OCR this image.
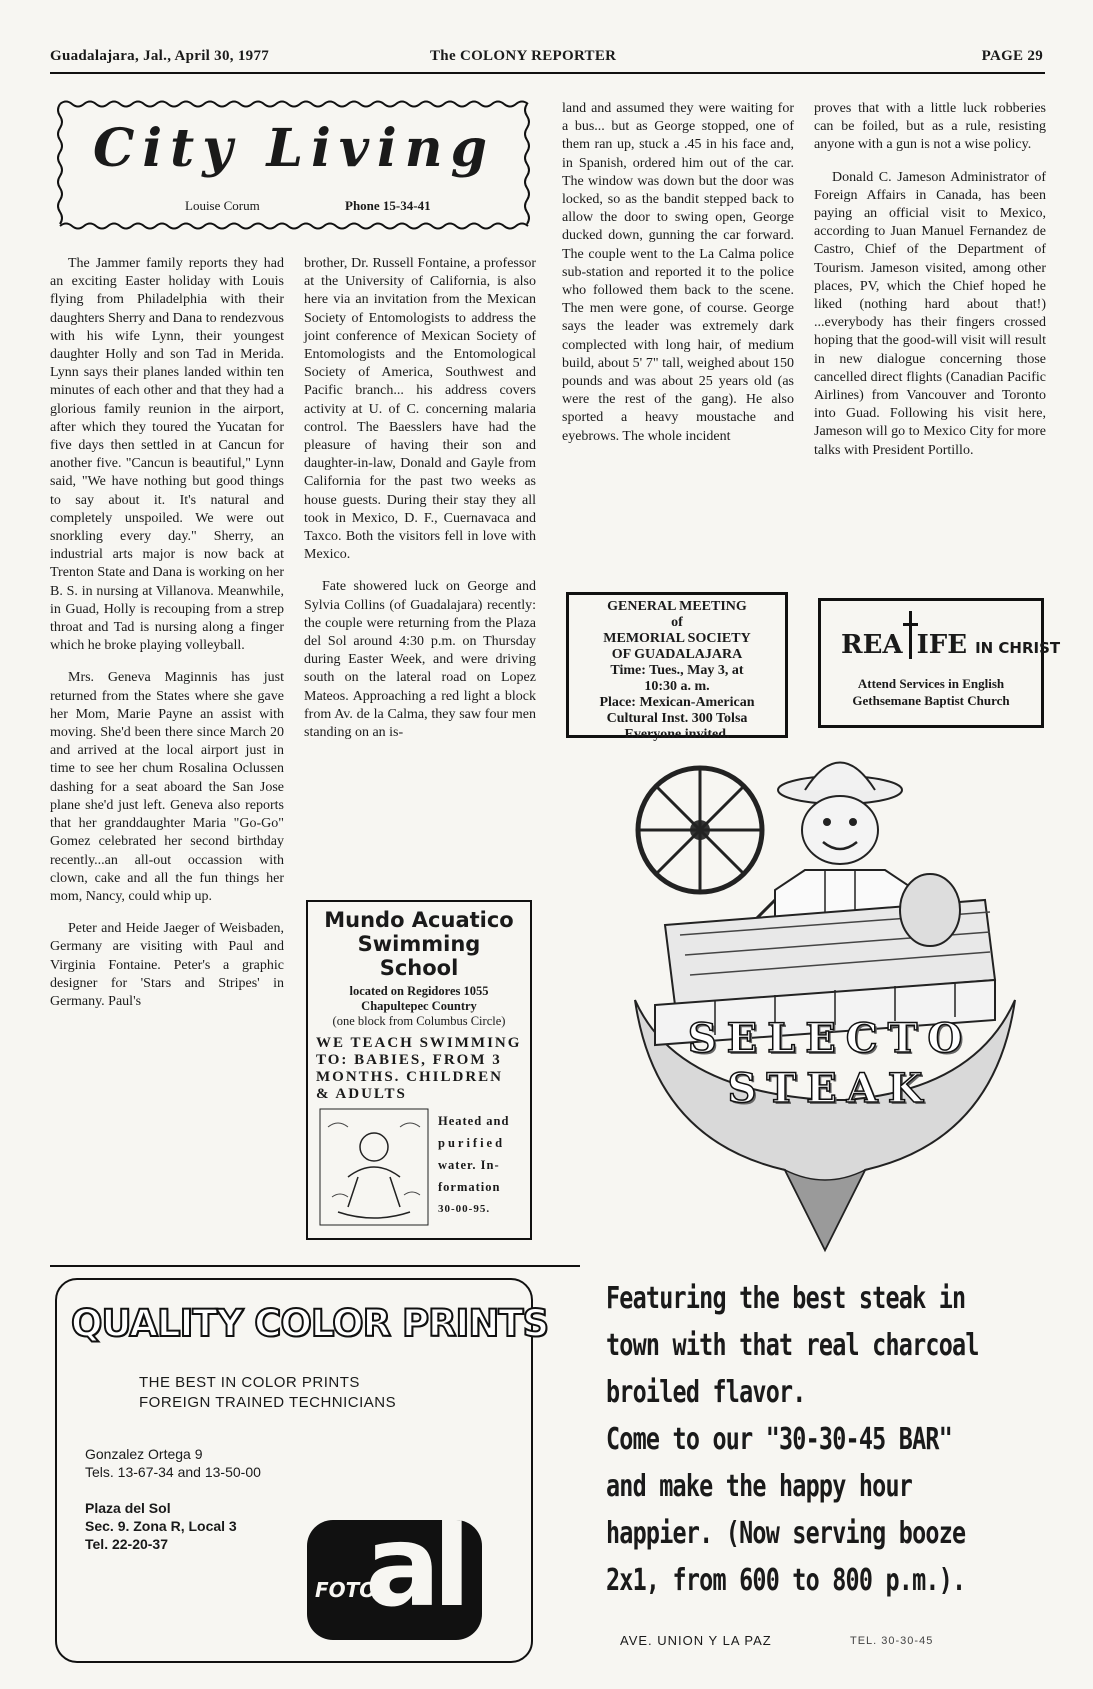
Guadalajara, Jal., April 30, 1977	The COLONY REPORTER	PAGE 29
City Living
Louise Corum	Phone 15-34-41

The Jammer family reports they had an exciting Easter holiday with Louis flying from Philadelphia with their daughters Sherry and Dana to rendezvous with his wife Lynn, their youngest daughter Holly and son Tad in Merida. Lynn says their planes landed within ten minutes of each other and that they had a glorious family reunion in the airport, after which they toured the Yucatan for five days then settled in at Cancun for another five. "Cancun is beautiful," Lynn said, "We have nothing but good things to say about it. It's natural and completely unspoiled. We were out snorkling every day." Sherry, an industrial arts major is now back at Trenton State and Dana is working on her B. S. in nursing at Villanova. Meanwhile, in Guad, Holly is recouping from a strep throat and Tad is nursing along a finger which he broke playing volleyball.

Mrs. Geneva Maginnis has just returned from the States where she gave her Mom, Marie Payne an assist with moving. She'd been there since March 20 and arrived at the local airport just in time to see her chum Rosalina Oclussen dashing for a seat aboard the San Jose plane she'd just left. Geneva also reports that her granddaughter Maria "Go-Go" Gomez celebrated her second birthday recently...an all-out occassion with clown, cake and all the fun things her mom, Nancy, could whip up.

Peter and Heide Jaeger of Weisbaden, Germany are visiting with Paul and Virginia Fontaine. Peter's a graphic designer for 'Stars and Stripes' in Germany. Paul's

brother, Dr. Russell Fontaine, a professor at the University of California, is also here via an invitation from the Mexican Society of Entomologists to address the joint conference of Mexican Society of Entomologists and the Entomological Society of America, Southwest and Pacific branch... his address covers activity at U. of C. concerning malaria control. The Baesslers have had the pleasure of having their son and daughter-in-law, Donald and Gayle from California for the past two weeks as house guests. During their stay they all took in Mexico, D. F., Cuernavaca and Taxco. Both the visitors fell in love with Mexico.

Fate showered luck on George and Sylvia Collins (of Guadalajara) recently: the couple were returning from the Plaza del Sol around 4:30 p.m. on Thursday during Easter Week, and were driving south on the lateral road on Lopez Mateos. Approaching a red light a block from Av. de la Calma, they saw four men standing on an is-

Mundo Acuatico
Swimming School
located on Regidores 1055
Chapultepec Country
(one block from Columbus Circle)
WE TEACH SWIMMING TO: BABIES, FROM 3 MONTHS. CHILDREN & ADULTS
Heated and
purified
water. In-
formation
30-00-95.

land and assumed they were waiting for a bus... but as George stopped, one of them ran up, stuck a .45 in his face and, in Spanish, ordered him out of the car. The window was down but the door was locked, so as the bandit stepped back to allow the door to swing open, George ducked down, gunning the car forward. The couple went to the La Calma police sub-station and reported it to the police who followed them back to the scene. The men were gone, of course. George says the leader was extremely dark complected with long hair, of medium build, about 5' 7" tall, weighed about 150 pounds and was about 25 years old (as were the rest of the gang). He also sported a heavy moustache and eyebrows. The whole incident

proves that with a little luck robberies can be foiled, but as a rule, resisting anyone with a gun is not a wise policy.

Donald C. Jameson Administrator of Foreign Affairs in Canada, has been paying an official visit to Mexico, according to Juan Manuel Fernandez de Castro, Chief of the Department of Tourism. Jameson visited, among other places, PV, which the Chief hoped he liked (nothing hard about that!) ...everybody has their fingers crossed hoping that the good-will visit will result in new dialogue concerning those cancelled direct flights (Canadian Pacific Airlines) from Vancouver and Toronto into Guad. Following his visit here, Jameson will go to Mexico City for more talks with President Portillo.

GENERAL MEETING
of
MEMORIAL SOCIETY
OF GUADALAJARA
Time: Tues., May 3, at
10:30 a. m.
Place: Mexican-American
Cultural Inst. 300 Tolsa
Everyone invited.
REA IFE IN CHRIST
Attend Services in English
Gethsemane Baptist Church
SELECTO
STEAK
Featuring the best steak in
town with that real charcoal
broiled flavor.
Come to our "30-30-45 BAR"
and make the happy hour
happier. (Now serving booze
2x1, from 600 to 800 p.m.).
AVE. UNION Y LA PAZ	TEL. 30-30-45
QUALITY COLOR PRINTS
THE BEST IN COLOR PRINTS
FOREIGN TRAINED TECHNICIANS
Gonzalez Ortega 9
Tels. 13-67-34 and 13-50-00
Plaza del Sol
Sec. 9. Zona R, Local 3
Tel. 22-20-37	al
FOTO
